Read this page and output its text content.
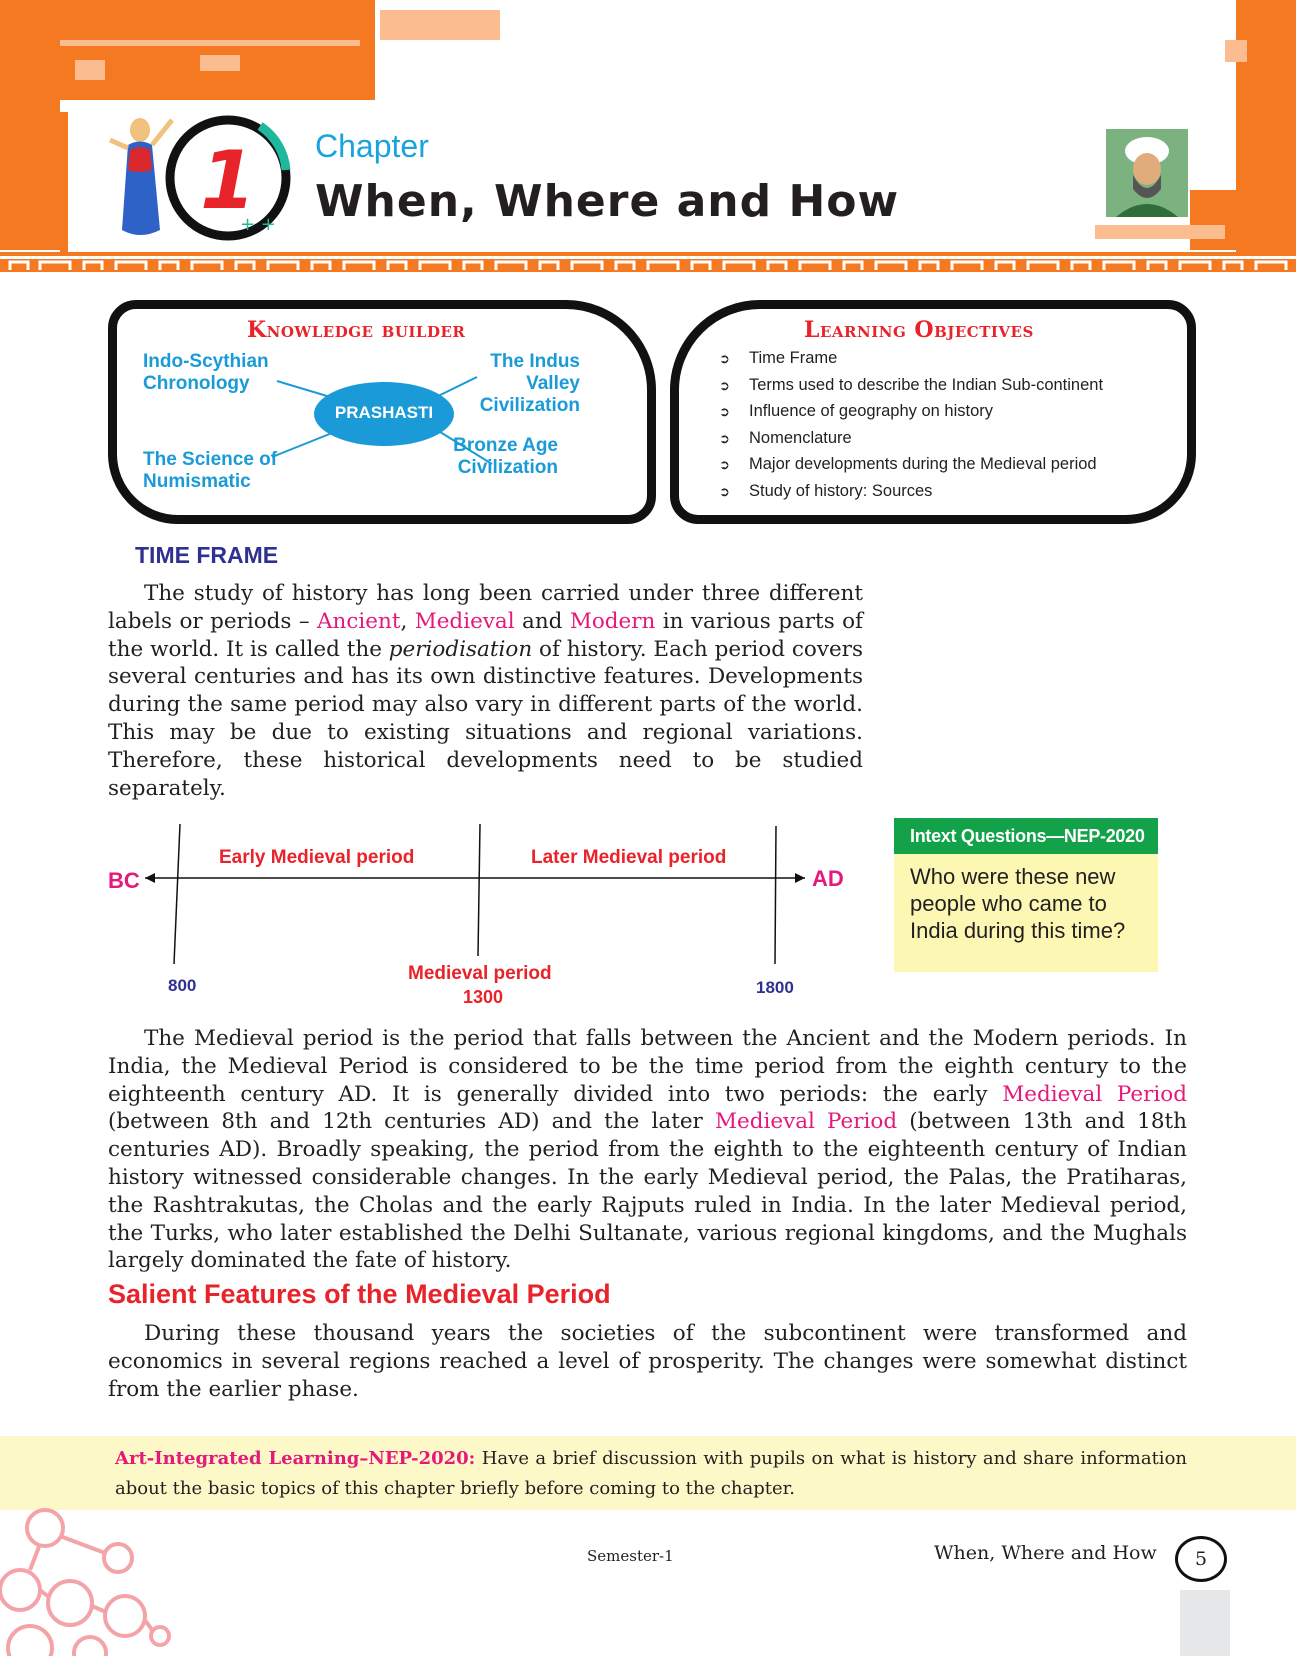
1
+ +
Chapter
When, Where and How
Knowledge builder
PRASHASTI
Indo-Scythian Chronology
The Indus Valley Civilization
The Science of Numismatic
Bronze Age Civilization
Learning Objectives
➲ Time Frame
➲ Terms used to describe the Indian Sub-continent
➲ Influence of geography on history
➲ Nomenclature
➲ Major developments during the Medieval period
➲ Study of history: Sources
TIME FRAME

The study of history has long been carried under three different labels or periods – Ancient, Medieval and Modern in various parts of the world. It is called the periodisation of history. Each period covers several centuries and has its own distinctive features. Developments during the same period may also vary in different parts of the world. This may be due to existing situations and regional variations. Therefore, these historical developments need to be studied separately.

BC	AD
Early Medieval period	Later Medieval period
800
Medieval period
1300	1800
Intext Questions—NEP-2020
Who were these new people who came to India during this time?

The Medieval period is the period that falls between the Ancient and the Modern periods. In India, the Medieval Period is considered to be the time period from the eighth century to the eighteenth century AD. It is generally divided into two periods: the early Medieval Period (between 8th and 12th centuries AD) and the later Medieval Period (between 13th and 18th centuries AD). Broadly speaking, the period from the eighth to the eighteenth century of Indian history witnessed considerable changes. In the early Medieval period, the Palas, the Pratiharas, the Rashtrakutas, the Cholas and the early Rajputs ruled in India. In the later Medieval period, the Turks, who later established the Delhi Sultanate, various regional kingdoms, and the Mughals largely dominated the fate of history.

Salient Features of the Medieval Period

During these thousand years the societies of the subcontinent were transformed and economics in several regions reached a level of prosperity. The changes were somewhat distinct from the earlier phase.

Art-Integrated Learning–NEP-2020: Have a brief discussion with pupils on what is history and share information about the basic topics of this chapter briefly before coming to the chapter.
Semester-1	When, Where and How	5
